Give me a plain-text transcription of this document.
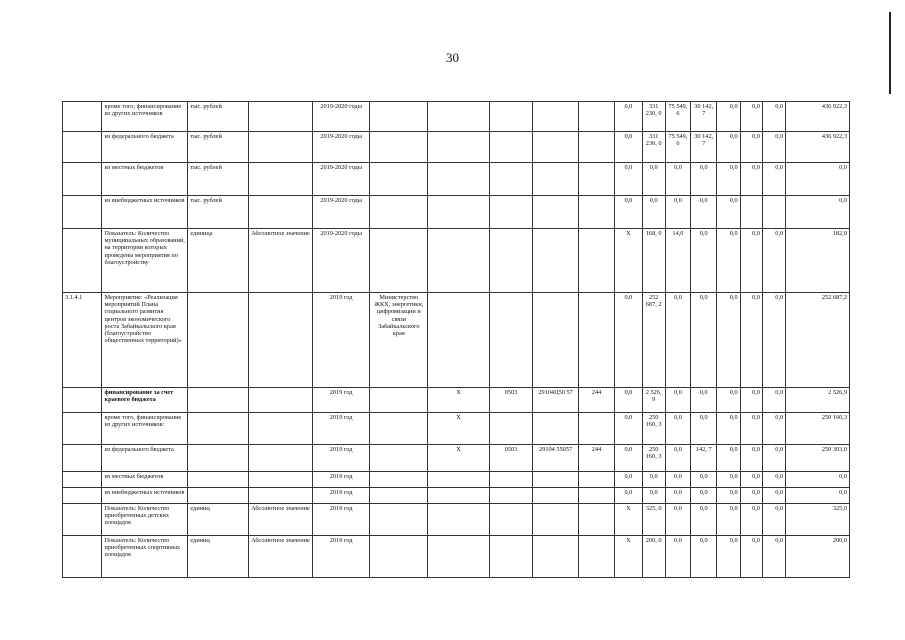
30
	кроме того, финансирование из других источников	тыс. рублей		2019-2020 годы						0,0	331 230, 0	75 549, 6	30 142, 7	0,0	0,0	0,0	436 922,3
	из федерального бюджета	тыс. рублей		2019-2020 годы						0,0	331 230, 0	75 549, 6	30 142, 7	0,0	0,0	0,0	436 922,3
	из местных бюджетов	тыс. рублей		2019-2020 годы						0,0	0,0	0,0	0,0	0,0	0,0	0,0	0,0
	из внебюджетных источников	тыс. рублей		2019-2020 годы						0,0	0,0	0,0	0,0	0,0			0,0
	Показатель: Количество муниципальных образований, на территории которых проведены мероприятия по благоустройству	единица	Абсолютное значение	2019-2020 годы						X	168, 0	14,0	0,0	0,0	0,0	0,0	182,0
3.1.4.1	Мероприятие: «Реализация мероприятий Плана социального развития центров экономического роста Забайкальского края (благоустройство общественных территорий)»			2019 год	Министерство ЖКХ, энергетики, цифровизации и связи Забайкальского края					0,0	252 687, 2	0,0	0,0	0,0	0,0	0,0	252 687,2
	финансирование за счет краевого бюджета			2019 год		X	0503	29104Ц50 57	244	0,0	2 526, 9	0,0	0,0	0,0	0,0	0,0	2 526,9
	кроме того, финансирование из других источников:			2019 год		X				0,0	250 160, 3	0,0	0,0	0,0	0,0	0,0	250 160,3
	из федерального бюджета			2019 год		X	0503	29104 55057	244	0,0	250 160, 3	0,0	142, 7	0,0	0,0	0,0	250 303,0
	из местных бюджетов			2019 год						0,0	0,0	0,0	0,0	0,0	0,0	0,0	0,0
	из внебюджетных источников			2019 год						0,0	0,0	0,0	0,0	0,0	0,0	0,0	0,0
	Показатель: Количество приобретенных детских площадок	единиц	Абсолютное значение	2019 год						X	325, 0	0,0	0,0	0,0	0,0	0,0	325,0
	Показатель: Количество приобретенных спортивных площадок	единиц	Абсолютное значение	2019 год						X	200, 0	0,0	0,0	0,0	0,0	0,0	200,0
